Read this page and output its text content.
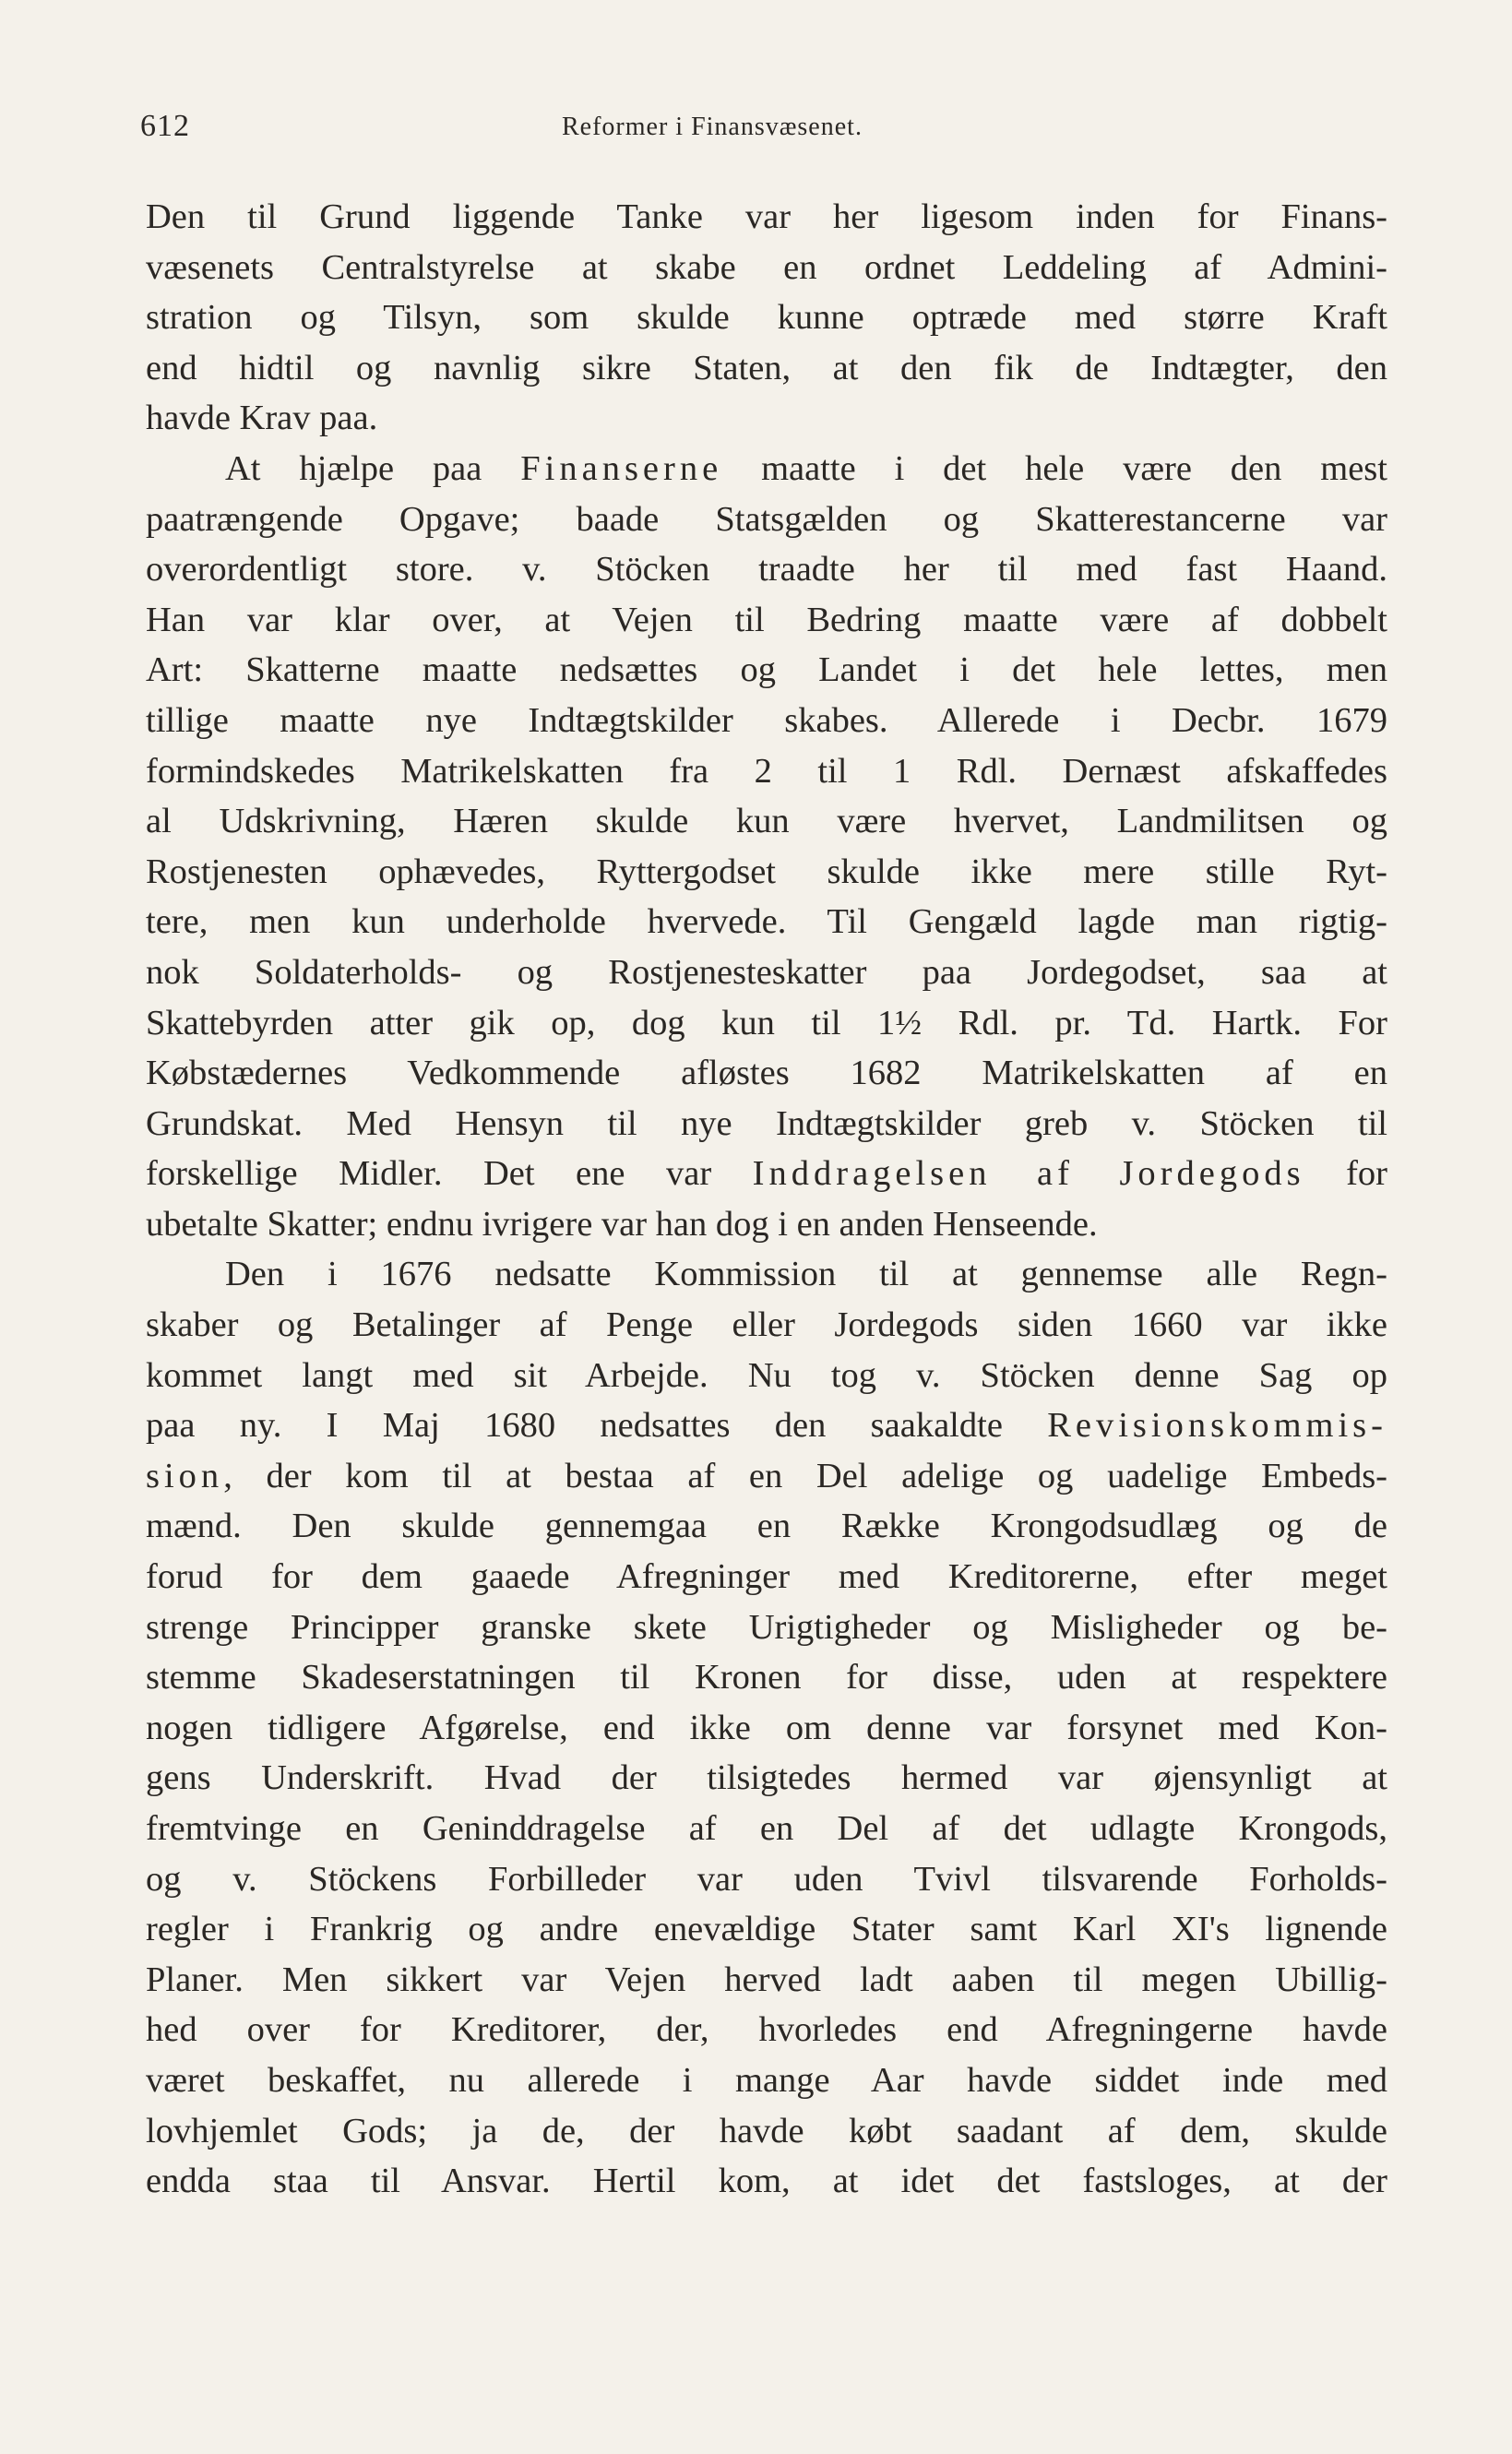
612	Reformer i Finansvæsenet.
Den til Grund liggende Tanke var her ligesom inden for Finans-
væsenets Centralstyrelse at skabe en ordnet Leddeling af Admini-
stration og Tilsyn, som skulde kunne optræde med større Kraft
end hidtil og navnlig sikre Staten, at den fik de Indtægter, den
havde Krav paa.
At hjælpe paa Finanserne maatte i det hele være den mest
paatrængende Opgave; baade Statsgælden og Skatterestancerne var
overordentligt store. v. Stöcken traadte her til med fast Haand.
Han var klar over, at Vejen til Bedring maatte være af dobbelt
Art: Skatterne maatte nedsættes og Landet i det hele lettes, men
tillige maatte nye Indtægtskilder skabes. Allerede i Decbr. 1679
formindskedes Matrikelskatten fra 2 til 1 Rdl. Dernæst afskaffedes
al Udskrivning, Hæren skulde kun være hvervet, Landmilitsen og
Rostjenesten ophævedes, Ryttergodset skulde ikke mere stille Ryt-
tere, men kun underholde hvervede. Til Gengæld lagde man rigtig-
nok Soldaterholds- og Rostjenesteskatter paa Jordegodset, saa at
Skattebyrden atter gik op, dog kun til 1½ Rdl. pr. Td. Hartk. For
Købstædernes Vedkommende afløstes 1682 Matrikelskatten af en
Grundskat. Med Hensyn til nye Indtægtskilder greb v. Stöcken til
forskellige Midler. Det ene var Inddragelsen af Jordegods for
ubetalte Skatter; endnu ivrigere var han dog i en anden Henseende.
Den i 1676 nedsatte Kommission til at gennemse alle Regn-
skaber og Betalinger af Penge eller Jordegods siden 1660 var ikke
kommet langt med sit Arbejde. Nu tog v. Stöcken denne Sag op
paa ny. I Maj 1680 nedsattes den saakaldte Revisionskommis-
sion, der kom til at bestaa af en Del adelige og uadelige Embeds-
mænd. Den skulde gennemgaa en Række Krongodsudlæg og de
forud for dem gaaede Afregninger med Kreditorerne, efter meget
strenge Principper granske skete Urigtigheder og Misligheder og be-
stemme Skadeserstatningen til Kronen for disse, uden at respektere
nogen tidligere Afgørelse, end ikke om denne var forsynet med Kon-
gens Underskrift. Hvad der tilsigtedes hermed var øjensynligt at
fremtvinge en Geninddragelse af en Del af det udlagte Krongods,
og v. Stöckens Forbilleder var uden Tvivl tilsvarende Forholds-
regler i Frankrig og andre enevældige Stater samt Karl XI's lignende
Planer. Men sikkert var Vejen herved ladt aaben til megen Ubillig-
hed over for Kreditorer, der, hvorledes end Afregningerne havde
været beskaffet, nu allerede i mange Aar havde siddet inde med
lovhjemlet Gods; ja de, der havde købt saadant af dem, skulde
endda staa til Ansvar. Hertil kom, at idet det fastsloges, at der
